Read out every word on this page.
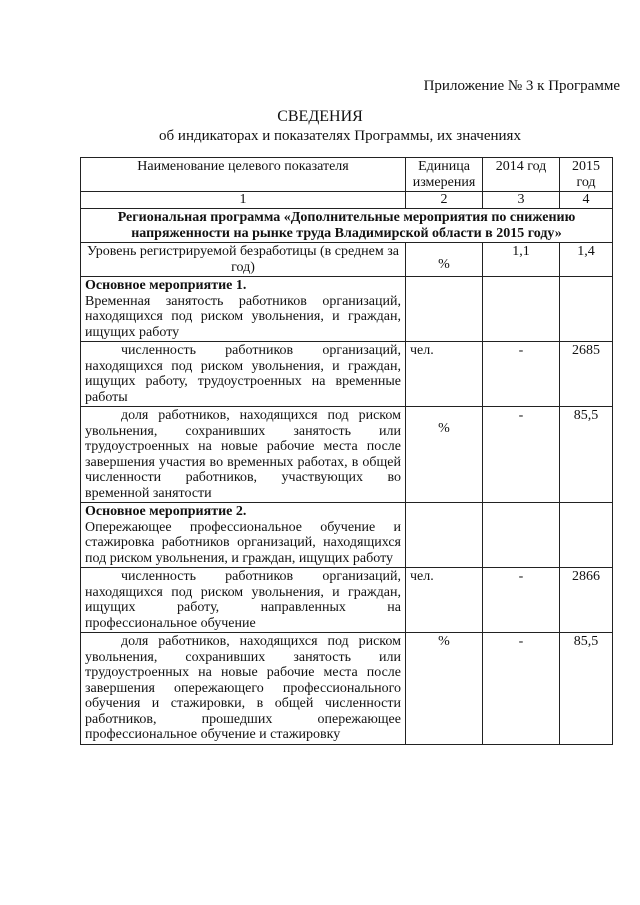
Приложение № 3 к Программе
СВЕДЕНИЯ
об индикаторах и показателях Программы, их значениях
Наименование целевого показателя	Единица измерения	2014 год	2015 год
1	2	3	4
Региональная программа «Дополнительные мероприятия по снижению напряженности на рынке труда Владимирской области в 2015 году»			
Уровень регистрируемой безработицы (в среднем за год)	%	1,1	1,4

Основное мероприятие 1.
Временная занятость работников организаций, находящихся под риском увольнения, и граждан, ищущих работу			

численность работников организаций, находящихся под риском увольнения, и граждан, ищущих работу, трудоустроенных на временные работы	чел.	-	2685
доля работников, находящихся под риском увольнения, сохранивших занятость или трудоустроенных на новые рабочие места после завершения участия во временных работах, в общей численности работников, участвующих во временной занятости	%	-	85,5

Основное мероприятие 2.
Опережающее профессиональное обучение и стажировка работников организаций, находящихся под риском увольнения, и граждан, ищущих работу			

численность работников организаций, находящихся под риском увольнения, и граждан, ищущих работу, направленных на профессиональное обучение	чел.	-	2866
доля работников, находящихся под риском увольнения, сохранивших занятость или трудоустроенных на новые рабочие места после завершения опережающего профессионального обучения и стажировки, в общей численности работников, прошедших опережающее профессиональное обучение и стажировку	%	-	85,5
